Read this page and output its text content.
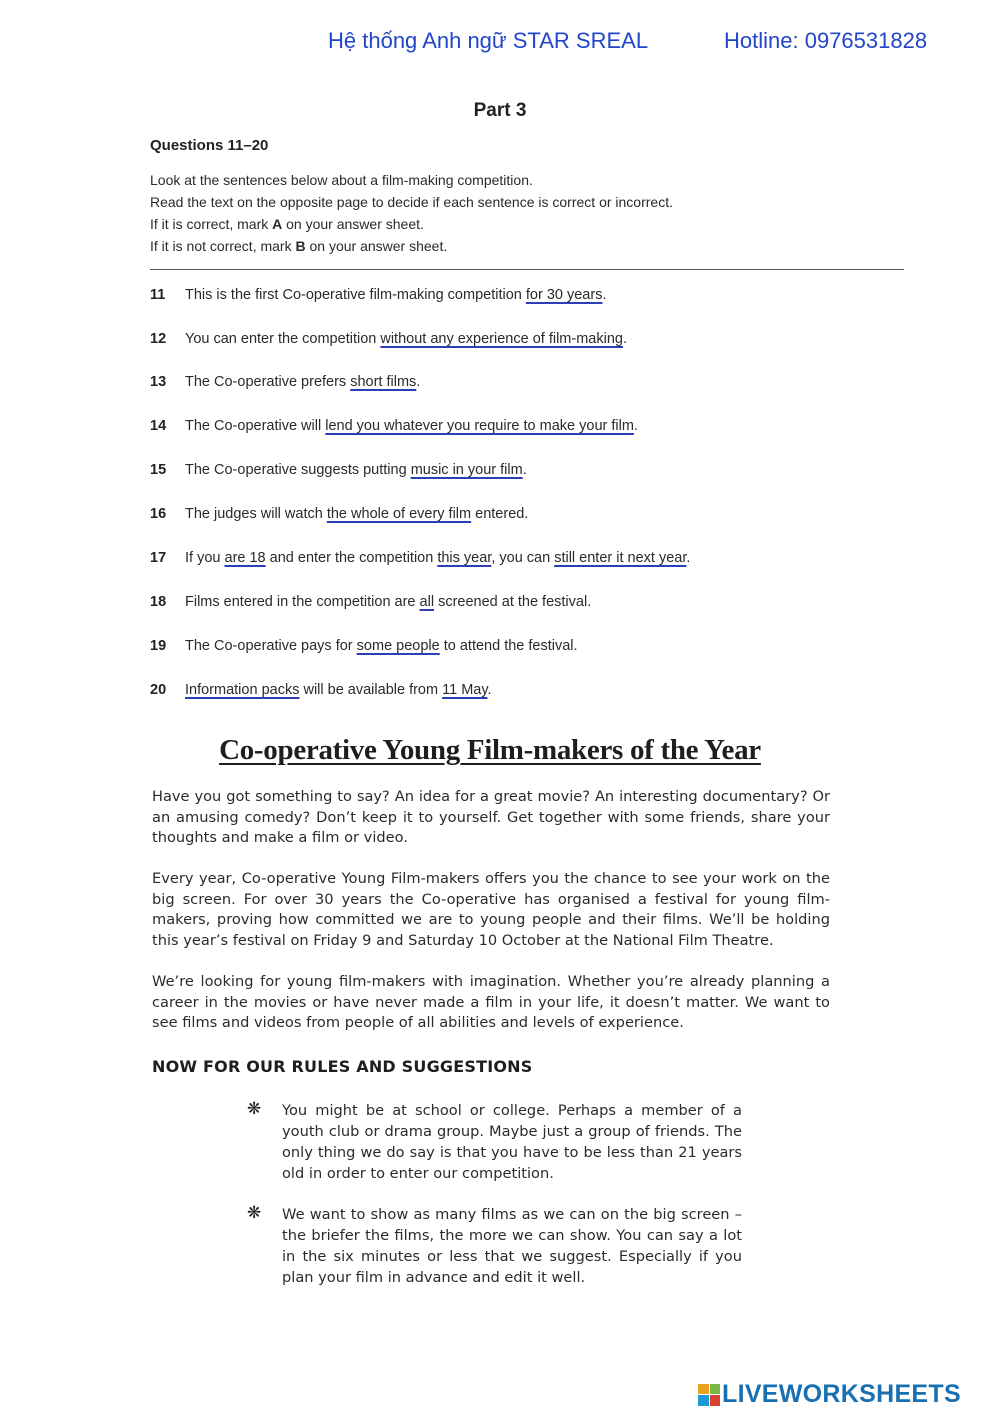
Hệ thống Anh ngữ STAR SREAL	Hotline: 0976531828
Part 3
Questions 11–20
Look at the sentences below about a film-making competition.
Read the text on the opposite page to decide if each sentence is correct or incorrect.
If it is correct, mark A on your answer sheet.
If it is not correct, mark B on your answer sheet.
11 This is the first Co-operative film-making competition for 30 years.
12 You can enter the competition without any experience of film-making.
13 The Co-operative prefers short films.
14 The Co-operative will lend you whatever you require to make your film.
15 The Co-operative suggests putting music in your film.
16 The judges will watch the whole of every film entered.
17 If you are 18 and enter the competition this year, you can still enter it next year.
18 Films entered in the competition are all screened at the festival.
19 The Co-operative pays for some people to attend the festival.
20 Information packs will be available from 11 May.
Co-operative Young Film-makers of the Year
Have you got something to say? An idea for a great movie? An interesting documentary? Or an amusing comedy? Don’t keep it to yourself. Get together with some friends, share your thoughts and make a film or video.
Every year, Co-operative Young Film-makers offers you the chance to see your work on the big screen. For over 30 years the Co-operative has organised a festival for young film-makers, proving how committed we are to young people and their films. We’ll be holding this year’s festival on Friday 9 and Saturday 10 October at the National Film Theatre.
We’re looking for young film-makers with imagination. Whether you’re already planning a career in the movies or have never made a film in your life, it doesn’t matter. We want to see films and videos from people of all abilities and levels of experience.
NOW FOR OUR RULES AND SUGGESTIONS
❋ You might be at school or college. Perhaps a member of a youth club or drama group. Maybe just a group of friends. The only thing we do say is that you have to be less than 21 years old in order to enter our competition.
❋ We want to show as many films as we can on the big screen – the briefer the films, the more we can show. You can say a lot in the six minutes or less that we suggest. Especially if you plan your film in advance and edit it well.
LIVEWORKSHEETS
